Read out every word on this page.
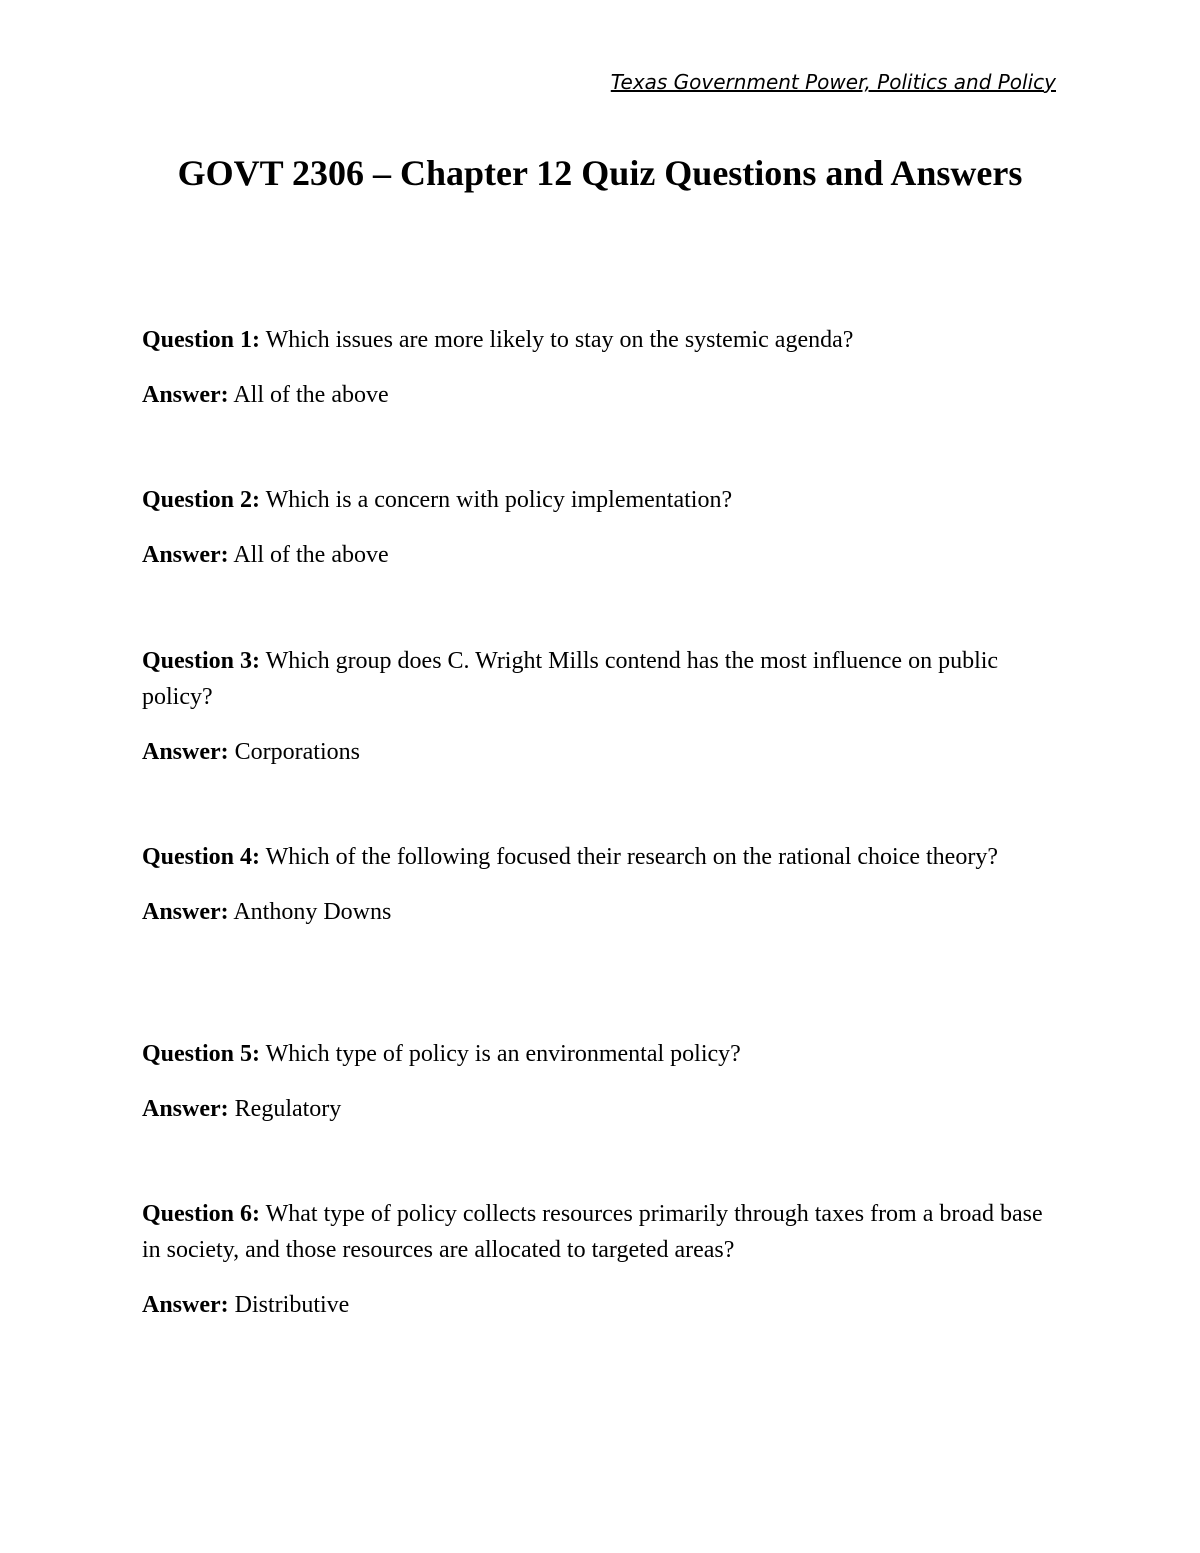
Texas Government Power, Politics and Policy
GOVT 2306 – Chapter 12 Quiz Questions and Answers

Question 1: Which issues are more likely to stay on the systemic agenda?

Answer: All of the above

Question 2: Which is a concern with policy implementation?

Answer: All of the above

Question 3: Which group does C. Wright Mills contend has the most influence on public policy?

Answer: Corporations

Question 4: Which of the following focused their research on the rational choice theory?

Answer: Anthony Downs

Question 5: Which type of policy is an environmental policy?

Answer: Regulatory

Question 6: What type of policy collects resources primarily through taxes from a broad base in society, and those resources are allocated to targeted areas?

Answer: Distributive
